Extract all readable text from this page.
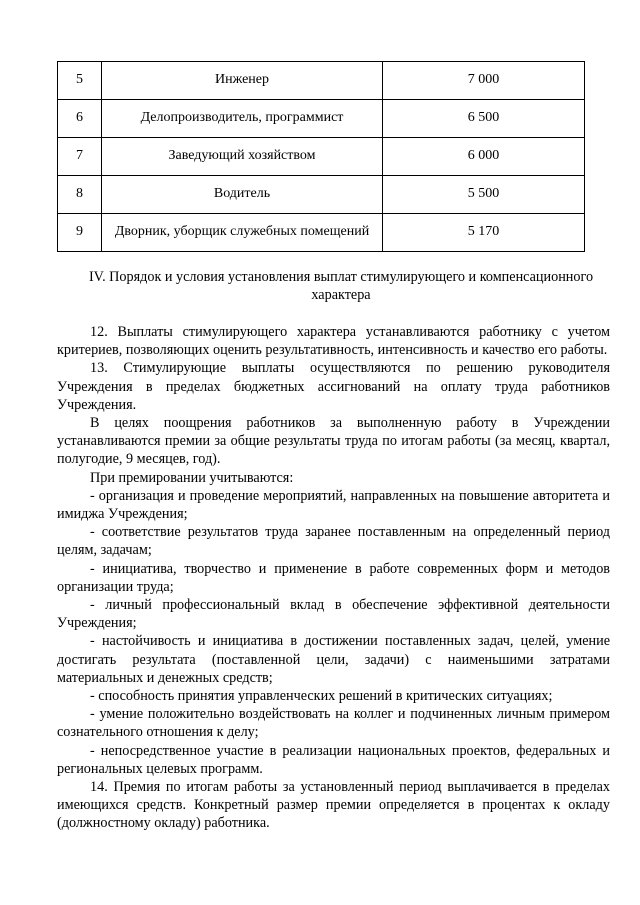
5	Инженер	7 000
6	Делопроизводитель, программист	6 500
7	Заведующий хозяйством	6 000
8	Водитель	5 500
9	Дворник, уборщик служебных помещений	5 170
IV. Порядок и условия установления выплат стимулирующего и компенсационного характера

12. Выплаты стимулирующего характера устанавливаются работнику с учетом критериев, позволяющих оценить результативность, интенсивность и качество его работы.

13. Стимулирующие выплаты осуществляются по решению руководителя Учреждения в пределах бюджетных ассигнований на оплату труда работников Учреждения.

В целях поощрения работников за выполненную работу в Учреждении устанавливаются премии за общие результаты труда по итогам работы (за месяц, квартал, полугодие, 9 месяцев, год).

При премировании учитываются:

- организация и проведение мероприятий, направленных на повышение авторитета и имиджа Учреждения;

- соответствие результатов труда заранее поставленным на определенный период целям, задачам;

- инициатива, творчество и применение в работе современных форм и методов организации труда;

- личный профессиональный вклад в обеспечение эффективной деятельности Учреждения;

- настойчивость и инициатива в достижении поставленных задач, целей, умение достигать результата (поставленной цели, задачи) с наименьшими затратами материальных и денежных средств;

- способность принятия управленческих решений в критических ситуациях;

- умение положительно воздействовать на коллег и подчиненных личным примером сознательного отношения к делу;

- непосредственное участие в реализации национальных проектов, федеральных и региональных целевых программ.

14. Премия по итогам работы за установленный период выплачивается в пределах имеющихся средств. Конкретный размер премии определяется в процентах к окладу (должностному окладу) работника.
